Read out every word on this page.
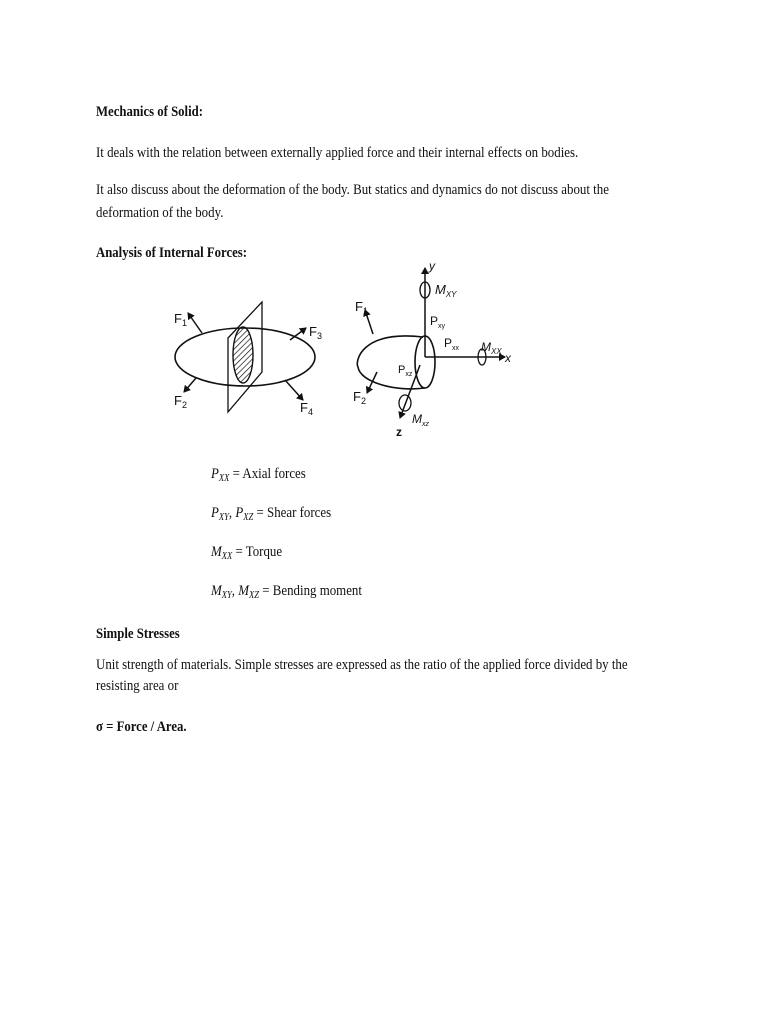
Mechanics of Solid:
It deals with the relation between externally applied force and their internal effects on bodies.
It also discuss about the deformation of the body. But statics and dynamics do not discuss about the
deformation of the body.
Analysis of Internal Forces:
$F_1$
$F_2$
$F_3$
$F_4$
y
x
z
$M_{XY}$
$P_{xy}$
$P_{xx}$ $M_{XX}$
$P_{xz}$
$M_{xz}$
$F_1$
$F_2$
$P_{XX}$ = Axial forces
$P_{XY}$, $P_{XZ}$ = Shear forces
$M_{XX}$ = Torque
$M_{XY}$, $M_{XZ}$ = Bending moment
Simple Stresses
Unit strength of materials. Simple stresses are expressed as the ratio of the applied force divided by the
resisting area or
σ = Force / Area.
